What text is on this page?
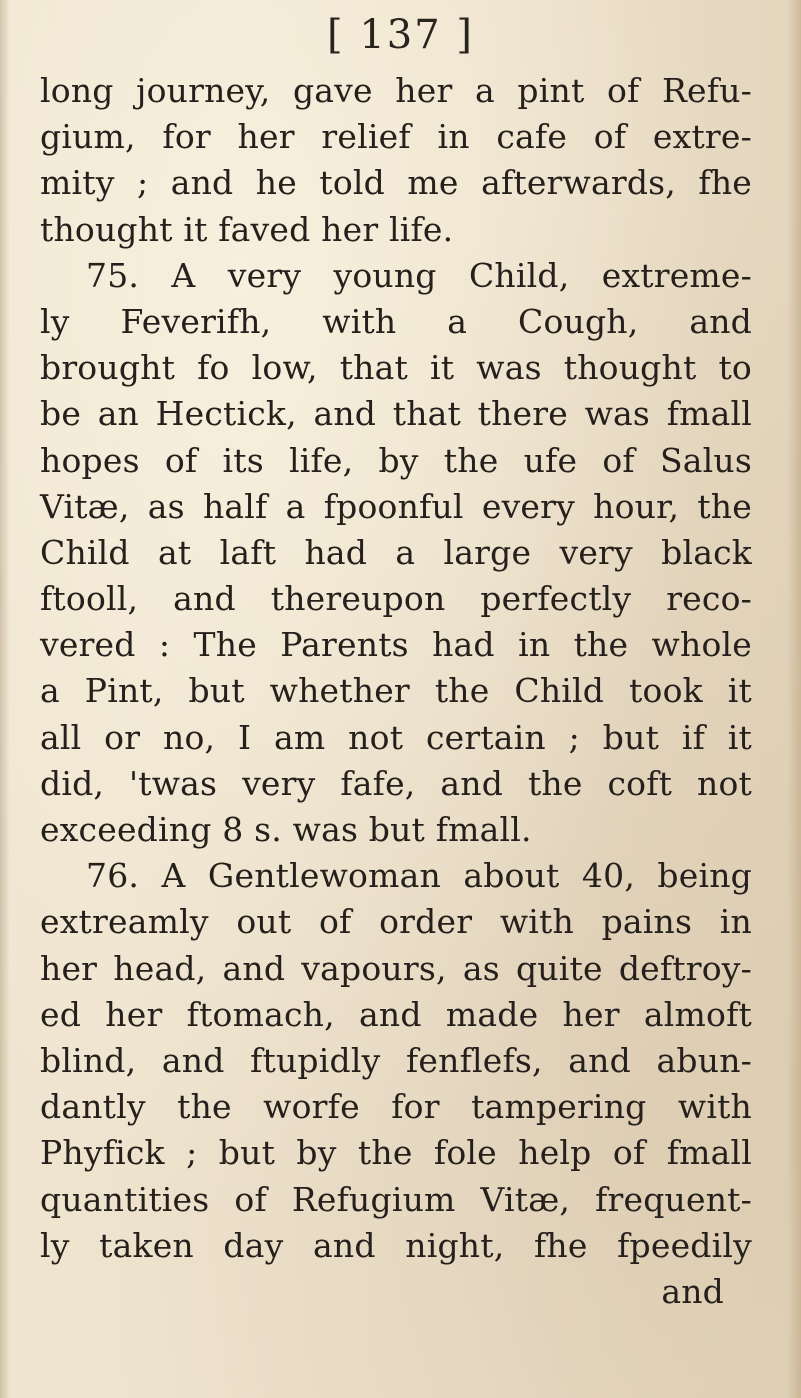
[ 137 ]
long journey, gave her a pint of Refu-
gium, for her relief in cafe of extre-
mity ; and he told me afterwards, fhe
thought it faved her life.
75. A very young Child, extreme-
ly Feverifh, with a Cough, and
brought fo low, that it was thought to
be an Hectick, and that there was fmall
hopes of its life, by the ufe of Salus
Vitæ, as half a fpoonful every hour, the
Child at laft had a large very black
ftooll, and thereupon perfectly reco-
vered : The Parents had in the whole
a Pint, but whether the Child took it
all or no, I am not certain ; but if it
did, 'twas very fafe, and the coft not
exceeding 8 s. was but fmall.
76. A Gentlewoman about 40, being
extreamly out of order with pains in
her head, and vapours, as quite deftroy-
ed her ftomach, and made her almoft
blind, and ftupidly fenflefs, and abun-
dantly the worfe for tampering with
Phyfick ; but by the fole help of fmall
quantities of Refugium Vitæ, frequent-
ly taken day and night, fhe fpeedily
and
